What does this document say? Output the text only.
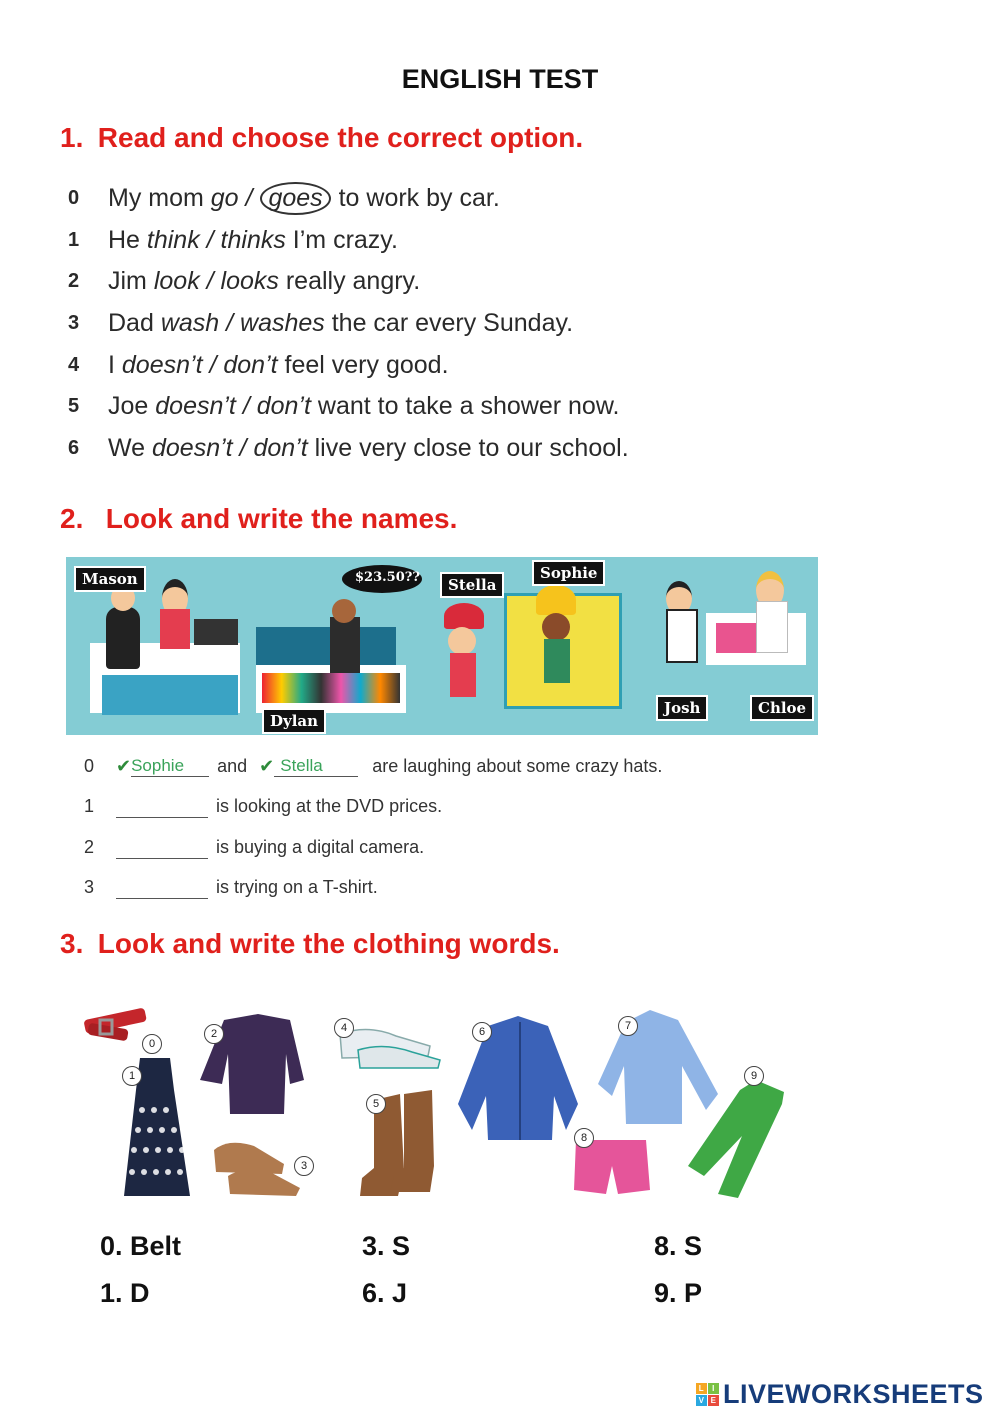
ENGLISH TEST
1. Read and choose the correct option.
0	My mom go / goes to work by car.
1	He think / thinks I’m crazy.
2	Jim look / looks really angry.
3	Dad wash / washes the car every Sunday.
4	I doesn’t / don’t feel very good.
5	Joe doesn’t / don’t want to take a shower now.
6	We doesn’t / don’t live very close to our school.
2. Look and write the names.
Mason	$23.50??	Stella
Sophie
Dylan
Josh	Chloe
0	✔ Sophie	and ✔ Stella	are laughing about some crazy hats.
1	is looking at the DVD prices.
2	is buying a digital camera.
3	is trying on a T-shirt.
3. Look and write the clothing words.
0
1
2
3
4
5
6	7
8
9
0. Belt
1. D
3. S
6. J
8. S
9. P
L I
V E LIVEWORKSHEETS
